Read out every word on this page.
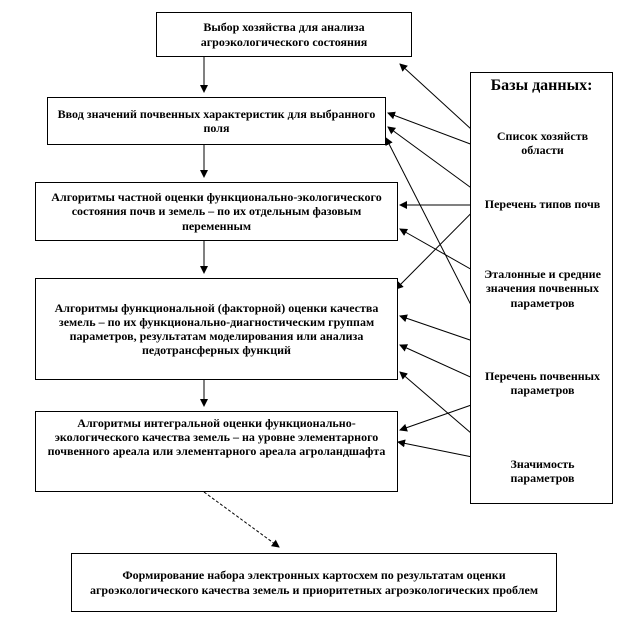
Выбор хозяйства для анализа агроэкологического состояния
Ввод значений почвенных характеристик для выбранного поля
Алгоритмы частной оценки функционально-экологического состояния почв и земель – по их отдельным фазовым переменным
Алгоритмы функциональной (факторной) оценки качества земель – по их функционально-диагностическим группам параметров, результатам моделирования или анализа педотрансферных функций
Алгоритмы интегральной оценки функционально-экологического качества земель – на уровне элементарного почвенного ареала или элементарного ареала агроландшафта
Формирование набора электронных картосхем по результатам оценки агроэкологического качества земель и приоритетных агроэкологических проблем
Базы данных:
Список хозяйств области
Перечень типов почв
Эталонные и средние значения почвенных параметров
Перечень почвенных параметров
Значимость параметров
